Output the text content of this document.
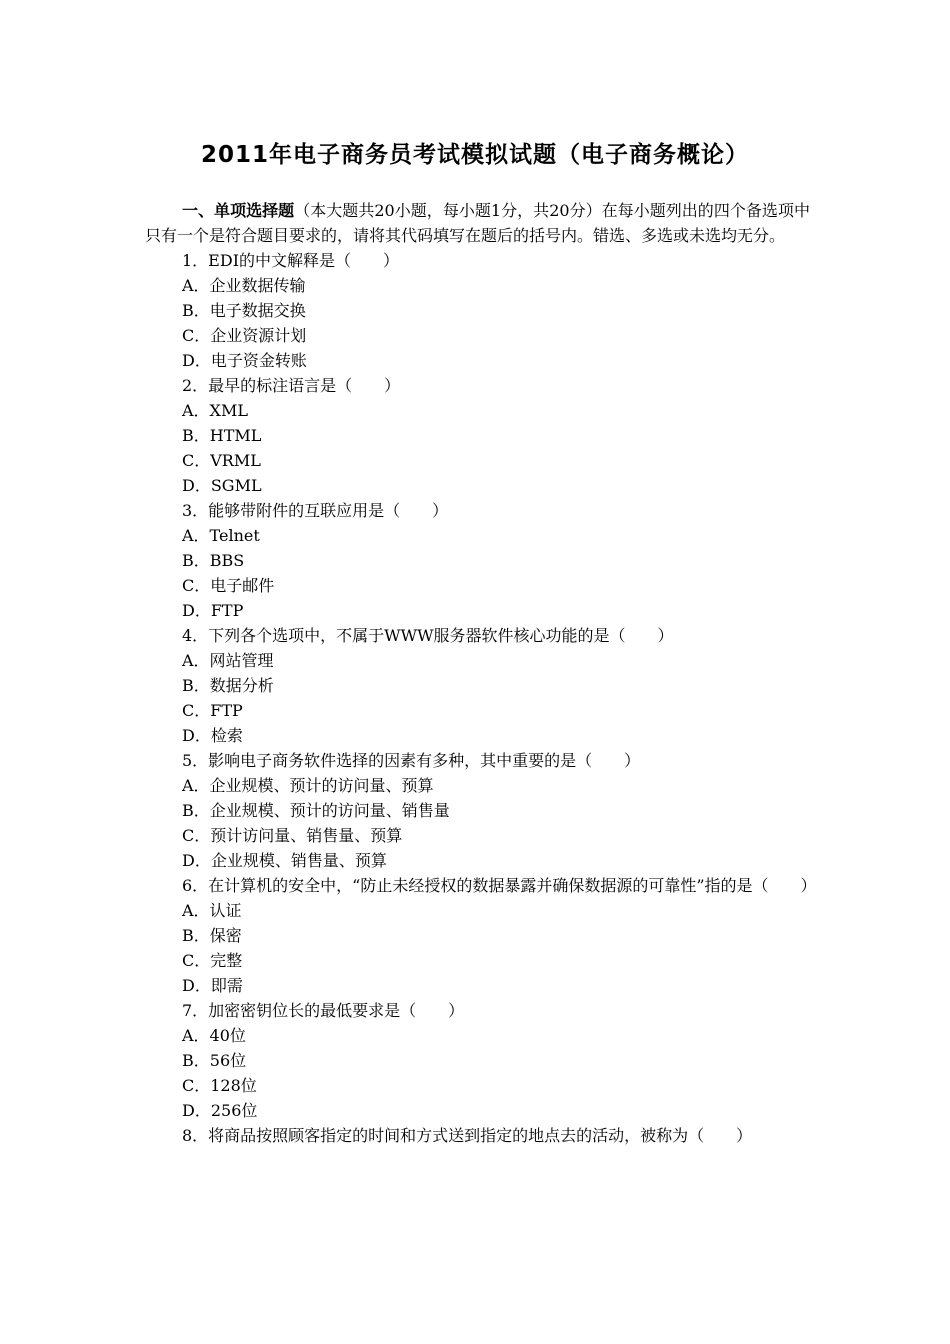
2011年电子商务员考试模拟试题（电子商务概论）
一、单项选择题（本大题共20小题，每小题1分，共20分）在每小题列出的四个备选项中只有一个是符合题目要求的，请将其代码填写在题后的括号内。错选、多选或未选均无分。
1．EDI的中文解释是（　　）
A．企业数据传输
B．电子数据交换
C．企业资源计划
D．电子资金转账
2．最早的标注语言是（　　）
A．XML
B．HTML
C．VRML
D．SGML
3．能够带附件的互联应用是（　　）
A．Telnet
B．BBS
C．电子邮件
D．FTP
4．下列各个选项中，不属于WWW服务器软件核心功能的是（　　）
A．网站管理
B．数据分析
C．FTP
D．检索
5．影响电子商务软件选择的因素有多种，其中重要的是（　　）
A．企业规模、预计的访问量、预算
B．企业规模、预计的访问量、销售量
C．预计访问量、销售量、预算
D．企业规模、销售量、预算
6．在计算机的安全中，“防止未经授权的数据暴露并确保数据源的可靠性”指的是（　　）
A．认证
B．保密
C．完整
D．即需
7．加密密钥位长的最低要求是（　　）
A．40位
B．56位
C．128位
D．256位
8．将商品按照顾客指定的时间和方式送到指定的地点去的活动，被称为（　　）
